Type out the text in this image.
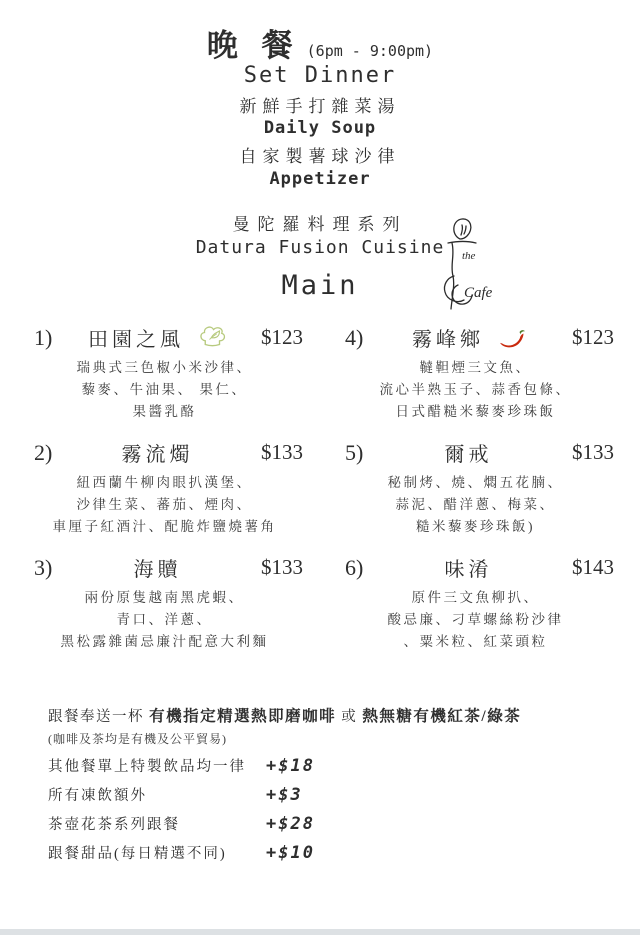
晚 餐 (6pm - 9:00pm)
Set Dinner
新鮮手打雜菜湯
Daily Soup
自家製薯球沙律
Appetizer
曼陀羅料理系列
Datura Fusion Cuisine
Main
the
Cafe
1)	田園之風	$123
瑞典式三色椒小米沙律、
藜麥、牛油果、 果仁、
果醬乳酪
2)	霧流燭	$133
紐西蘭牛柳肉眼扒漢堡、
沙律生菜、蕃茄、煙肉、
車厘子紅酒汁、配脆炸鹽燒薯角
3)	海贖	$133
兩份原隻越南黑虎蝦、
青口、洋蔥、
黑松露雜菌忌廉汁配意大利麵
4)	霧峰鄉	$123
韃靼煙三文魚、
流心半熟玉子、蒜香包條、
日式醋糙米藜麥珍珠飯
5)	爾戒	$133
秘制烤、燒、燜五花腩、
蒜泥、醋洋蔥、梅菜、
糙米藜麥珍珠飯)
6)	味淆	$143
原件三文魚柳扒、
酸忌廉、刁草螺絲粉沙律
、粟米粒、紅菜頭粒
跟餐奉送一杯 有機指定精選熱即磨咖啡 或 熱無糖有機紅茶/綠茶
(咖啡及茶均是有機及公平貿易)
其他餐單上特製飲品均一律	+$18
所有凍飲額外	+$3
茶壺花茶系列跟餐	+$28
跟餐甜品(每日精選不同)	+$10
